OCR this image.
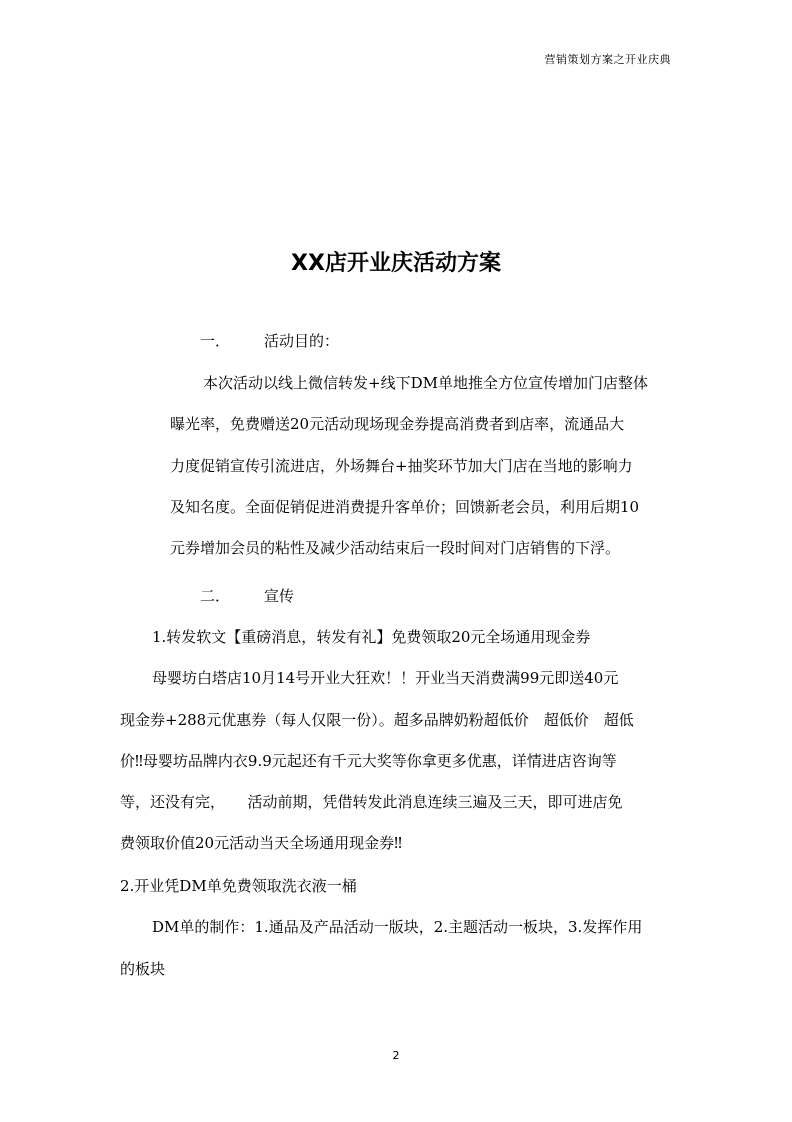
营销策划方案之开业庆典
XX店开业庆活动方案
一． 活动目的：
本次活动以线上微信转发+线下DM单地推全方位宣传增加门店整体
曝光率，免费赠送20元活动现场现金券提高消费者到店率，流通品大
力度促销宣传引流进店，外场舞台+抽奖环节加大门店在当地的影响力
及知名度。全面促销促进消费提升客单价；回馈新老会员，利用后期10
元券增加会员的粘性及减少活动结束后一段时间对门店销售的下浮。
二． 宣传
1.转发软文【重磅消息，转发有礼】免费领取20元全场通用现金券
母婴坊白塔店10月14号开业大狂欢！！开业当天消费满99元即送40元
现金券+288元优惠券（每人仅限一份）。超多品牌奶粉超低价　超低价　超低
价‼母婴坊品牌内衣9.9元起还有千元大奖等你拿更多优惠，详情进店咨询等
等，还没有完，　　活动前期，凭借转发此消息连续三遍及三天，即可进店免
费领取价值20元活动当天全场通用现金券‼
2.开业凭DM单免费领取洗衣液一桶
DM单的制作：1.通品及产品活动一版块，2.主题活动一板块，3.发挥作用
的板块
2
